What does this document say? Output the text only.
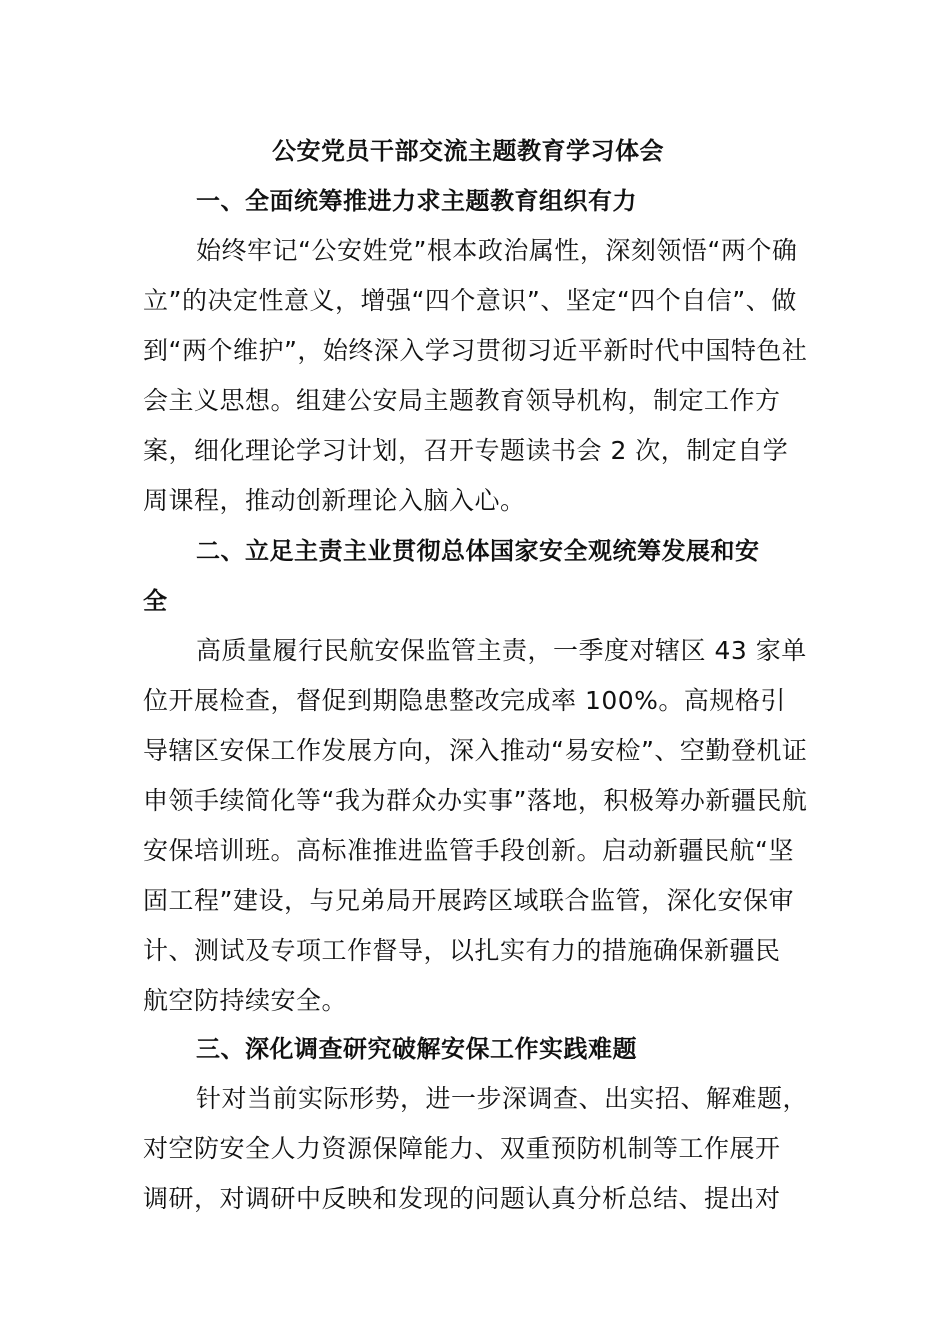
公安党员干部交流主题教育学习体会
一、全面统筹推进力求主题教育组织有力
始终牢记“公安姓党”根本政治属性，深刻领悟“两个确
立”的决定性意义，增强“四个意识”、坚定“四个自信”、做
到“两个维护”，始终深入学习贯彻习近平新时代中国特色社
会主义思想。组建公安局主题教育领导机构，制定工作方
案，细化理论学习计划，召开专题读书会 2 次，制定自学
周课程，推动创新理论入脑入心。
二、立足主责主业贯彻总体国家安全观统筹发展和安
全
高质量履行民航安保监管主责，一季度对辖区 43 家单
位开展检查，督促到期隐患整改完成率 100%。高规格引
导辖区安保工作发展方向，深入推动“易安检”、空勤登机证
申领手续简化等“我为群众办实事”落地，积极筹办新疆民航
安保培训班。高标准推进监管手段创新。启动新疆民航“坚
固工程”建设，与兄弟局开展跨区域联合监管，深化安保审
计、测试及专项工作督导，以扎实有力的措施确保新疆民
航空防持续安全。
三、深化调查研究破解安保工作实践难题
针对当前实际形势，进一步深调查、出实招、解难题，
对空防安全人力资源保障能力、双重预防机制等工作展开
调研，对调研中反映和发现的问题认真分析总结、提出对
